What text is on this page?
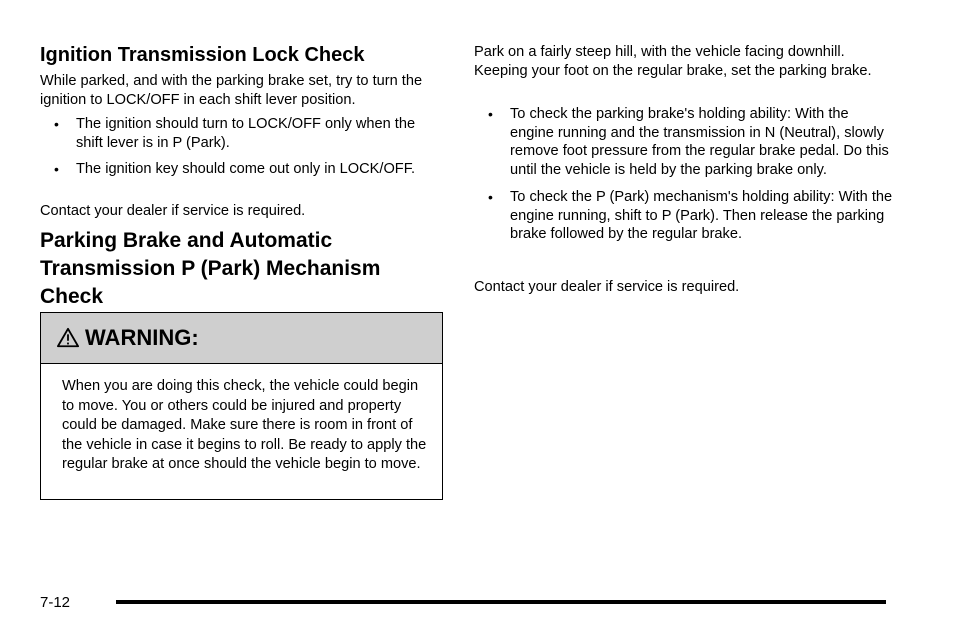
Ignition Transmission Lock Check

While parked, and with the parking brake set, try to turn the ignition to LOCK/OFF in each shift lever position.

• The ignition should turn to LOCK/OFF only when the shift lever is in P (Park).
• The ignition key should come out only in LOCK/OFF.

Contact your dealer if service is required.

Parking Brake and Automatic Transmission P (Park) Mechanism Check
WARNING:

When you are doing this check, the vehicle could begin to move. You or others could be injured and property could be damaged. Make sure there is room in front of the vehicle in case it begins to roll. Be ready to apply the regular brake at once should the vehicle begin to move.

Park on a fairly steep hill, with the vehicle facing downhill. Keeping your foot on the regular brake, set the parking brake.

• To check the parking brake's holding ability: With the engine running and the transmission in N (Neutral), slowly remove foot pressure from the regular brake pedal. Do this until the vehicle is held by the parking brake only.
• To check the P (Park) mechanism's holding ability: With the engine running, shift to P (Park). Then release the parking brake followed by the regular brake.

Contact your dealer if service is required.

7-12
